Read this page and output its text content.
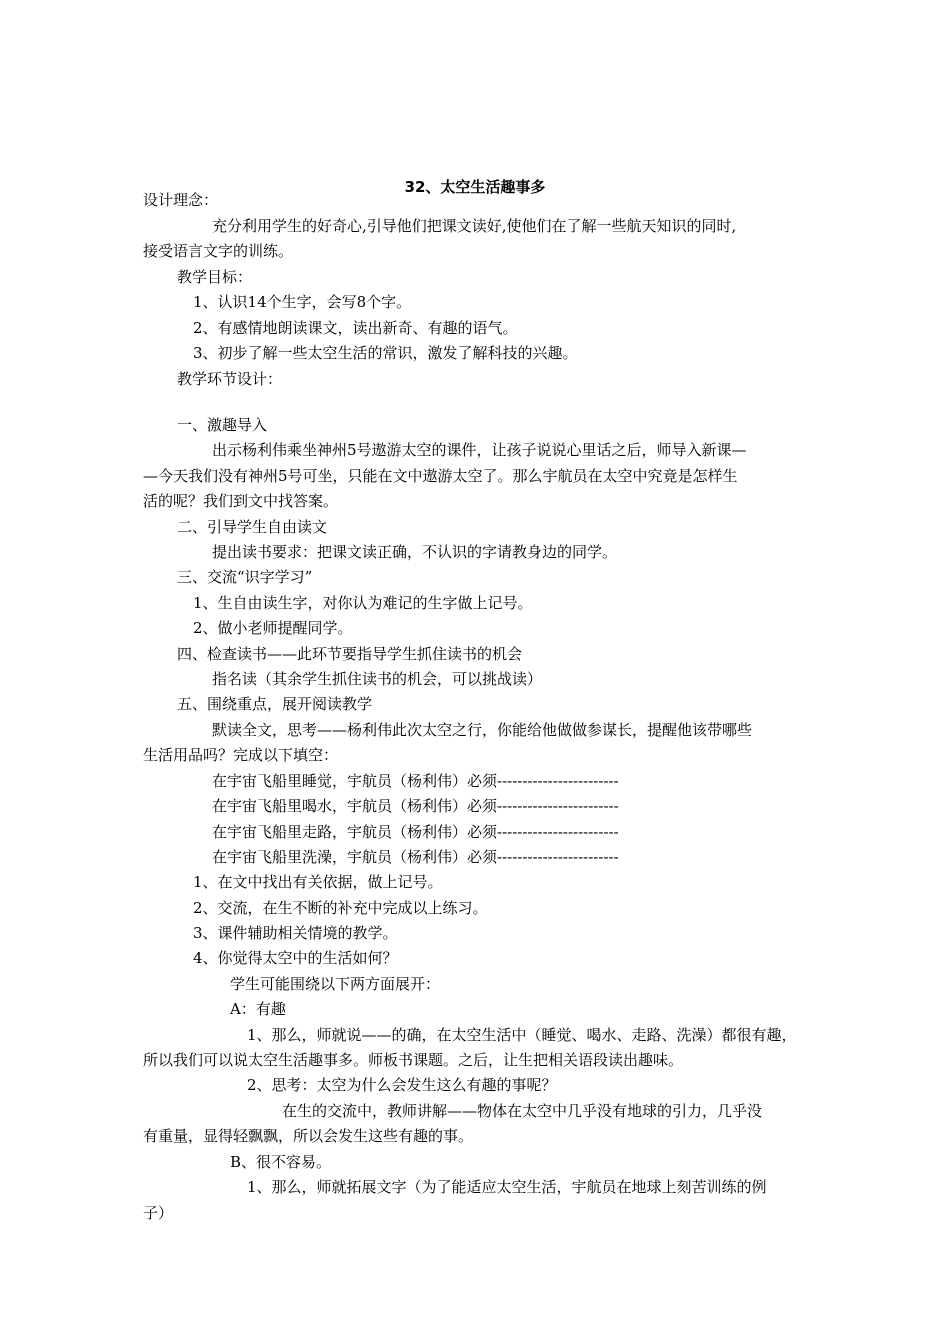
32、太空生活趣事多
设计理念：
充分利用学生的好奇心,引导他们把课文读好,使他们在了解一些航天知识的同时,
接受语言文字的训练。
教学目标：
1、认识14个生字，会写8个字。
2、有感情地朗读课文，读出新奇、有趣的语气。
3、初步了解一些太空生活的常识，激发了解科技的兴趣。
教学环节设计：
一、激趣导入
出示杨利伟乘坐神州5号遨游太空的课件，让孩子说说心里话之后，师导入新课—
—今天我们没有神州5号可坐，只能在文中遨游太空了。那么宇航员在太空中究竟是怎样生
活的呢？我们到文中找答案。
二、引导学生自由读文
提出读书要求：把课文读正确，不认识的字请教身边的同学。
三、交流“识字学习”
1、生自由读生字，对你认为难记的生字做上记号。
2、做小老师提醒同学。
四、检查读书——此环节要指导学生抓住读书的机会
指名读（其余学生抓住读书的机会，可以挑战读）
五、围绕重点，展开阅读教学
默读全文，思考——杨利伟此次太空之行，你能给他做做参谋长，提醒他该带哪些
生活用品吗？完成以下填空：
在宇宙飞船里睡觉，宇航员（杨利伟）必须------------------------
在宇宙飞船里喝水，宇航员（杨利伟）必须------------------------
在宇宙飞船里走路，宇航员（杨利伟）必须------------------------
在宇宙飞船里洗澡，宇航员（杨利伟）必须------------------------
1、在文中找出有关依据，做上记号。
2、交流，在生不断的补充中完成以上练习。
3、课件辅助相关情境的教学。
4、你觉得太空中的生活如何？
学生可能围绕以下两方面展开：
A：有趣
1、那么，师就说——的确，在太空生活中（睡觉、喝水、走路、洗澡）都很有趣，
所以我们可以说太空生活趣事多。师板书课题。之后，让生把相关语段读出趣味。
2、思考：太空为什么会发生这么有趣的事呢？
在生的交流中，教师讲解——物体在太空中几乎没有地球的引力，几乎没
有重量，显得轻飘飘，所以会发生这些有趣的事。
B、很不容易。
1、那么，师就拓展文字（为了能适应太空生活，宇航员在地球上刻苦训练的例
子）
